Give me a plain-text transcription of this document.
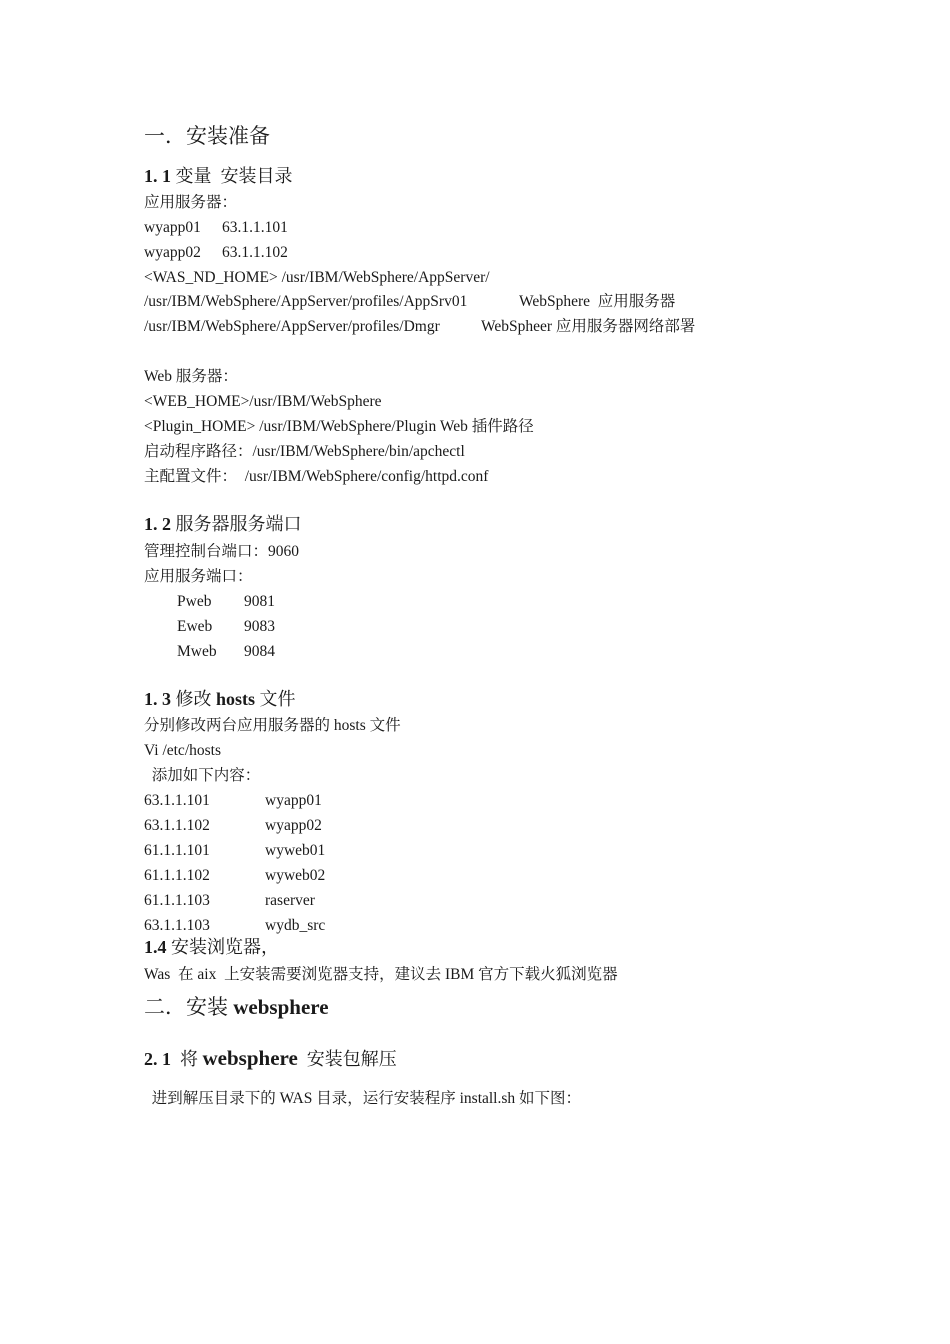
一．安装准备
1. 1 变量  安装目录
应用服务器：
wyapp01 63.1.1.101
wyapp02 63.1.1.102
<WAS_ND_HOME> /usr/IBM/WebSphere/AppServer/
/usr/IBM/WebSphere/AppServer/profiles/AppSrv01	WebSphere  应用服务器
/usr/IBM/WebSphere/AppServer/profiles/Dmgr	WebSpheer 应用服务器网络部署
Web 服务器：
<WEB_HOME>/usr/IBM/WebSphere
<Plugin_HOME> /usr/IBM/WebSphere/Plugin Web 插件路径
启动程序路径：/usr/IBM/WebSphere/bin/apchectl
主配置文件：  /usr/IBM/WebSphere/config/httpd.conf
1. 2 服务器服务端口
管理控制台端口：9060
应用服务端口：
Pweb 9081
Eweb 9083
Mweb 9084
1. 3 修改 hosts 文件
分别修改两台应用服务器的 hosts 文件
Vi /etc/hosts
添加如下内容：
63.1.1.101	wyapp01
63.1.1.102	wyapp02
61.1.1.101	wyweb01
61.1.1.102	wyweb02
61.1.1.103	raserver
63.1.1.103	wydb_src
1.4 安装浏览器，
Was  在 aix  上安装需要浏览器支持，建议去 IBM 官方下载火狐浏览器
二．安装 websphere
2. 1  将 websphere  安装包解压
进到解压目录下的 WAS 目录，运行安装程序 install.sh 如下图：
